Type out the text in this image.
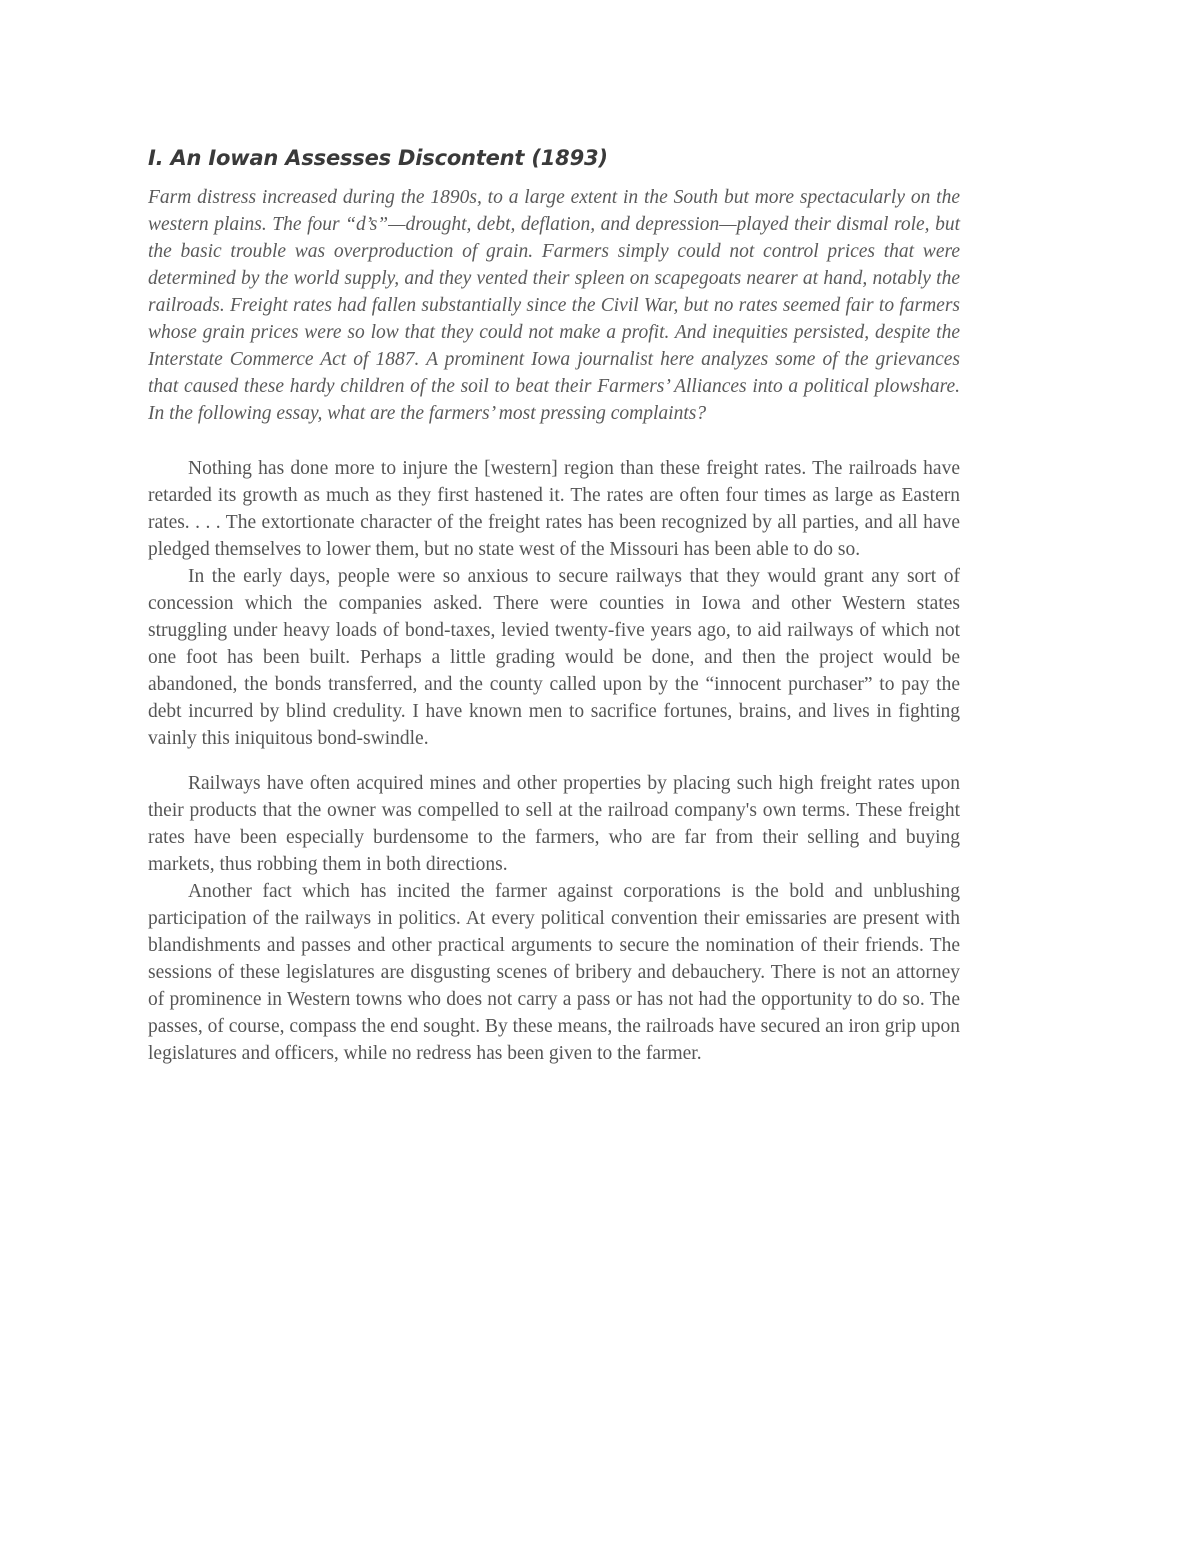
I. An Iowan Assesses Discontent (1893)

Farm distress increased during the 1890s, to a large extent in the South but more spectacularly on the western plains. The four “d’s”—drought, debt, deflation, and depression—played their dismal role, but the basic trouble was overproduction of grain. Farmers simply could not control prices that were determined by the world supply, and they vented their spleen on scapegoats nearer at hand, notably the railroads. Freight rates had fallen substantially since the Civil War, but no rates seemed fair to farmers whose grain prices were so low that they could not make a profit. And inequities persisted, despite the Interstate Commerce Act of 1887. A prominent Iowa journalist here analyzes some of the grievances that caused these hardy children of the soil to beat their Farmers’ Alliances into a political plowshare. In the following essay, what are the farmers’ most pressing complaints?

Nothing has done more to injure the [western] region than these freight rates. The railroads have retarded its growth as much as they first hastened it. The rates are often four times as large as Eastern rates. . . . The extortionate character of the freight rates has been recognized by all parties, and all have pledged themselves to lower them, but no state west of the Missouri has been able to do so.

In the early days, people were so anxious to secure railways that they would grant any sort of concession which the companies asked. There were counties in Iowa and other Western states struggling under heavy loads of bond-taxes, levied twenty-five years ago, to aid railways of which not one foot has been built. Perhaps a little grading would be done, and then the project would be abandoned, the bonds transferred, and the county called upon by the “innocent purchaser” to pay the debt incurred by blind credulity. I have known men to sacrifice fortunes, brains, and lives in fighting vainly this iniquitous bond-swindle.

Railways have often acquired mines and other properties by placing such high freight rates upon their products that the owner was compelled to sell at the railroad company's own terms. These freight rates have been especially burdensome to the farmers, who are far from their selling and buying markets, thus robbing them in both directions.

Another fact which has incited the farmer against corporations is the bold and unblushing participation of the railways in politics. At every political convention their emissaries are present with blandishments and passes and other practical arguments to secure the nomination of their friends. The sessions of these legislatures are disgusting scenes of bribery and debauchery. There is not an attorney of prominence in Western towns who does not carry a pass or has not had the opportunity to do so. The passes, of course, compass the end sought. By these means, the railroads have secured an iron grip upon legislatures and officers, while no redress has been given to the farmer.
